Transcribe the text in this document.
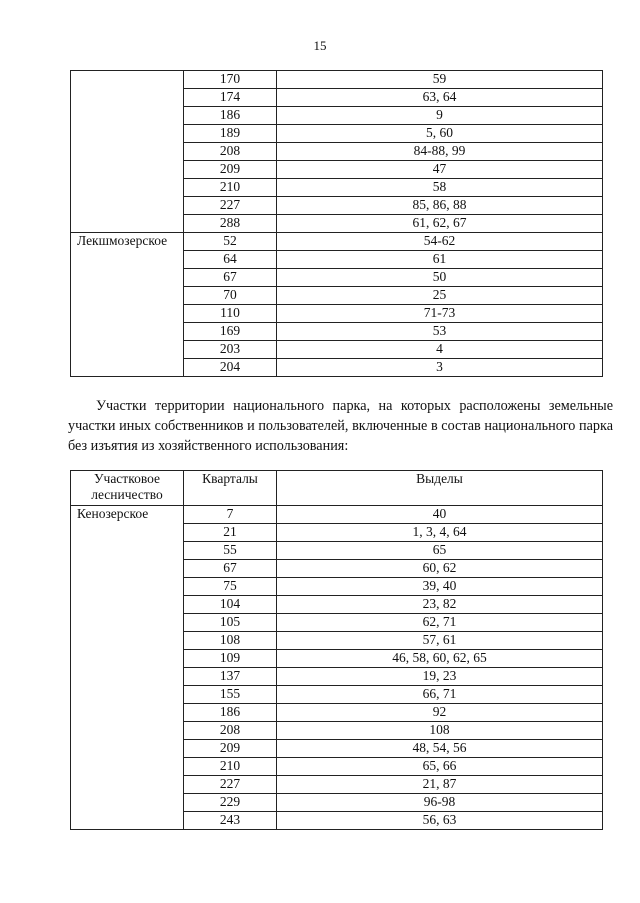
15
	170	59
	174	63, 64
	186	9
	189	5, 60
	208	84-88, 99
	209	47
	210	58
	227	85, 86, 88
	288	61, 62, 67
Лекшмозерское	52	54-62
	64	61
	67	50
	70	25
	110	71-73
	169	53
	203	4
	204	3
Участки территории национального парка, на которых расположены земельные участки иных собственников и пользователей, включенные в состав национального парка без изъятия из хозяйственного использования:
Участковое лесничество	Кварталы	Выделы
Кенозерское	7	40
	21	1, 3, 4, 64
	55	65
	67	60, 62
	75	39, 40
	104	23, 82
	105	62, 71
	108	57, 61
	109	46, 58, 60, 62, 65
	137	19, 23
	155	66, 71
	186	92
	208	108
	209	48, 54, 56
	210	65, 66
	227	21, 87
	229	96-98
	243	56, 63
